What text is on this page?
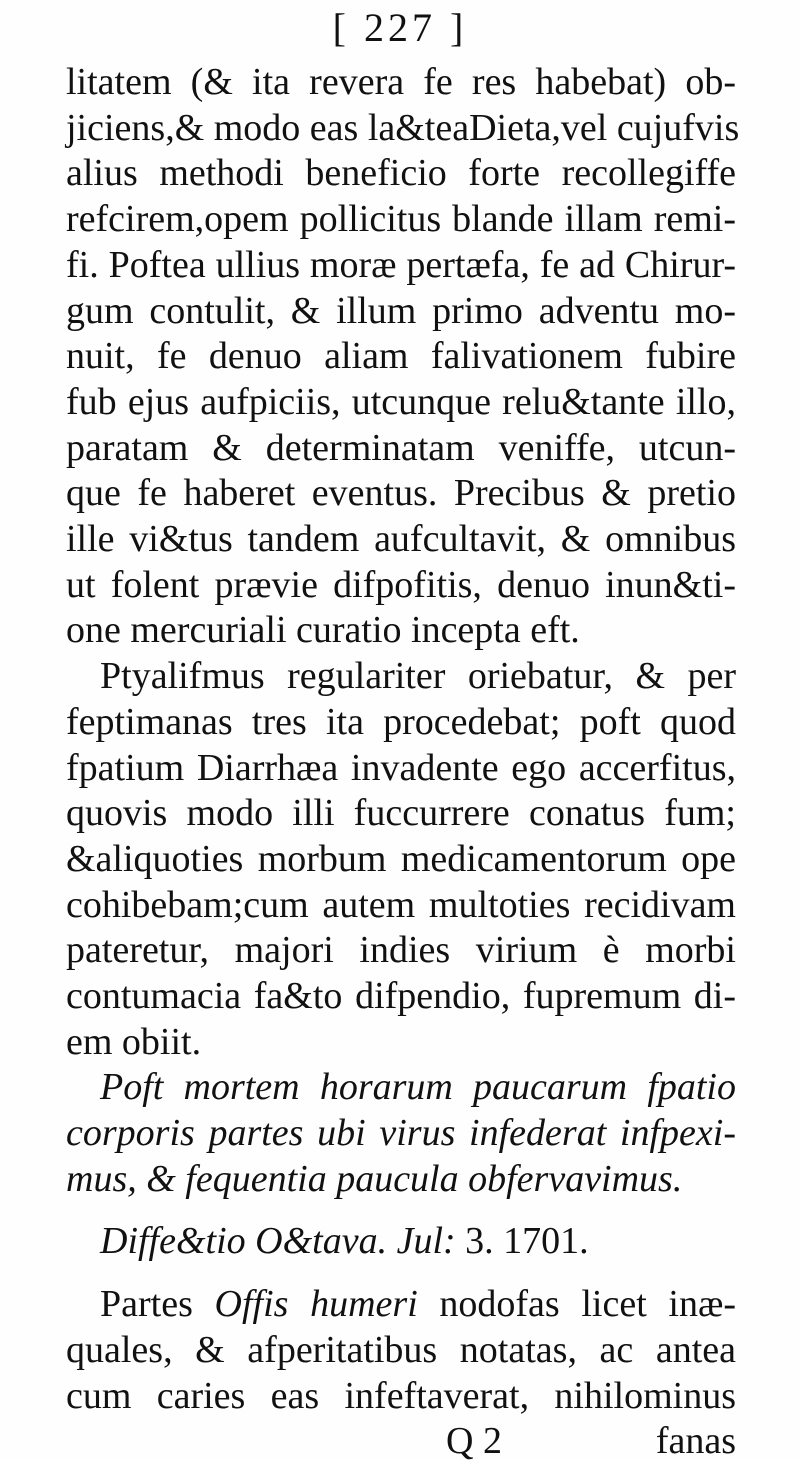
[ 227 ]
litatem (& ita revera fe res habebat) ob-
jiciens,& modo eas la&teaDieta,vel cujufvis
alius methodi beneficio forte recollegiffe
refcirem,opem pollicitus blande illam remi-
fi. Poftea ullius moræ pertæfa, fe ad Chirur-
gum contulit, & illum primo adventu mo-
nuit, fe denuo aliam falivationem fubire
fub ejus aufpiciis, utcunque relu&tante illo,
paratam & determinatam veniffe, utcun-
que fe haberet eventus. Precibus & pretio
ille vi&tus tandem aufcultavit, & omnibus
ut folent prævie difpofitis, denuo inun&ti-
one mercuriali curatio incepta eft.
Ptyalifmus regulariter oriebatur, & per
feptimanas tres ita procedebat; poft quod
fpatium Diarrhæa invadente ego accerfitus,
quovis modo illi fuccurrere conatus fum;
&aliquoties morbum medicamentorum ope
cohibebam;cum autem multoties recidivam
pateretur, majori indies virium è morbi
contumacia fa&to difpendio, fupremum di-
em obiit.
Poft mortem horarum paucarum fpatio
corporis partes ubi virus infederat infpexi-
mus, & fequentia paucula obfervavimus.
Diffe&tio O&tava. Jul: 3. 1701.
Partes Offis humeri nodofas licet inæ-
quales, & afperitatibus notatas, ac antea
cum caries eas infeftaverat, nihilominus
Q 2	fanas
